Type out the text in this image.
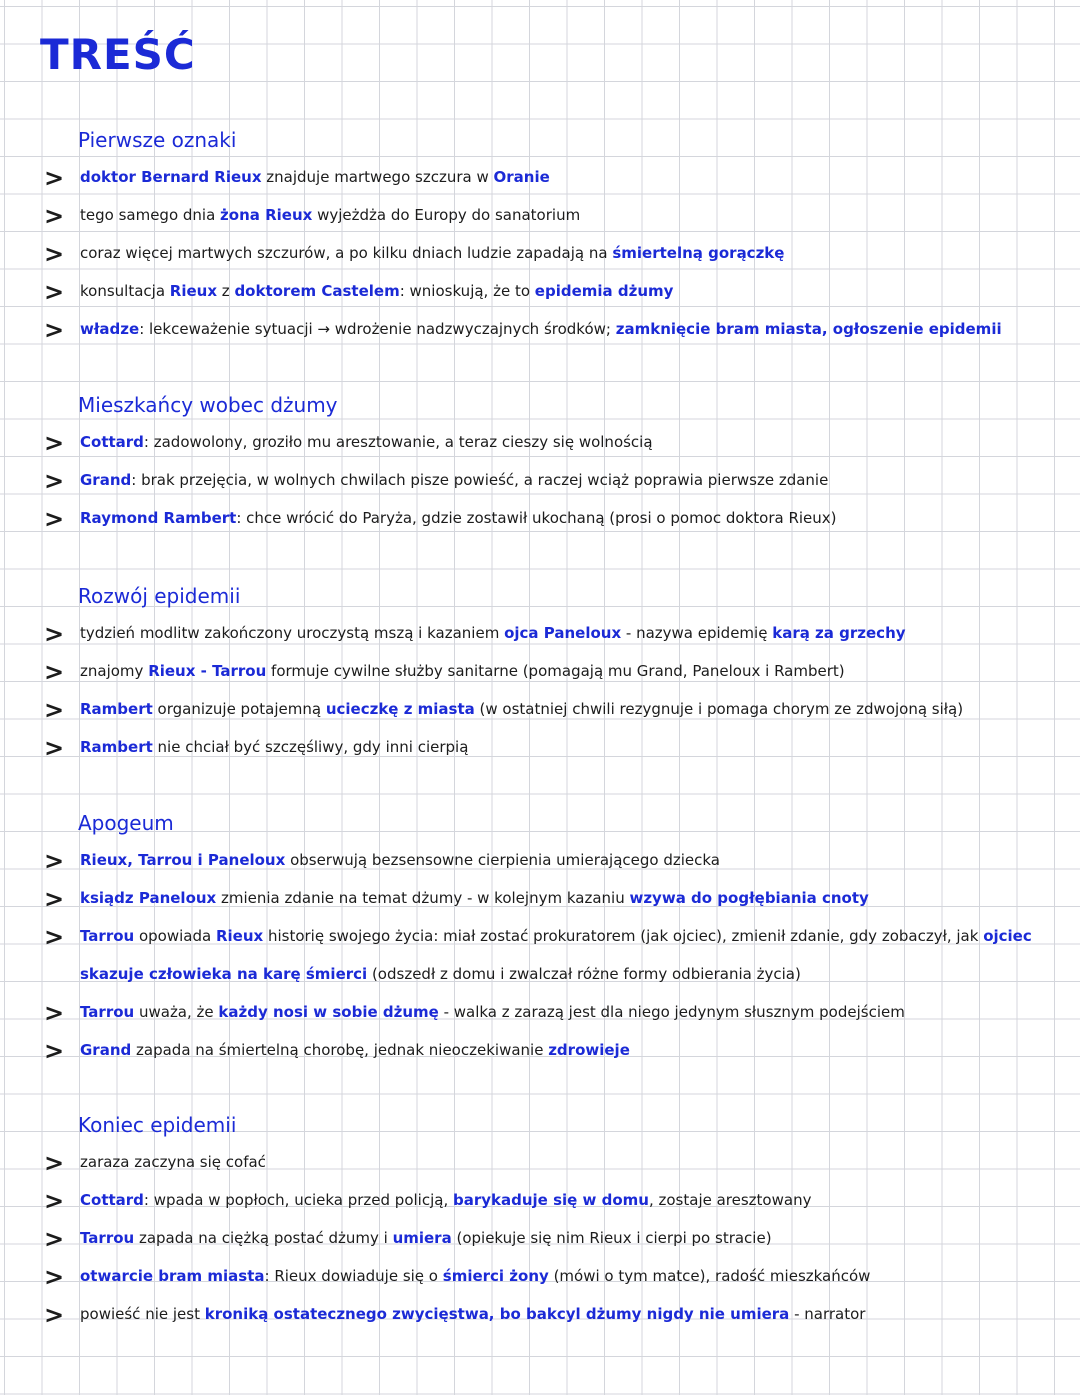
TREŚĆ
Pierwsze oznaki
> doktor Bernard Rieux znajduje martwego szczura w Oranie
> tego samego dnia żona Rieux wyjeżdża do Europy do sanatorium
> coraz więcej martwych szczurów, a po kilku dniach ludzie zapadają na śmiertelną gorączkę
> konsultacja Rieux z doktorem Castelem: wnioskują, że to epidemia dżumy
> władze: lekceważenie sytuacji → wdrożenie nadzwyczajnych środków; zamknięcie bram miasta, ogłoszenie epidemii
Mieszkańcy wobec dżumy
> Cottard: zadowolony, groziło mu aresztowanie, a teraz cieszy się wolnością
> Grand: brak przejęcia, w wolnych chwilach pisze powieść, a raczej wciąż poprawia pierwsze zdanie
> Raymond Rambert: chce wrócić do Paryża, gdzie zostawił ukochaną (prosi o pomoc doktora Rieux)
Rozwój epidemii
> tydzień modlitw zakończony uroczystą mszą i kazaniem ojca Paneloux - nazywa epidemię karą za grzechy
> znajomy Rieux - Tarrou formuje cywilne służby sanitarne (pomagają mu Grand, Paneloux i Rambert)
> Rambert organizuje potajemną ucieczkę z miasta (w ostatniej chwili rezygnuje i pomaga chorym ze zdwojoną siłą)
> Rambert nie chciał być szczęśliwy, gdy inni cierpią
Apogeum
> Rieux, Tarrou i Paneloux obserwują bezsensowne cierpienia umierającego dziecka
> ksiądz Paneloux zmienia zdanie na temat dżumy - w kolejnym kazaniu wzywa do pogłębiania cnoty
> Tarrou opowiada Rieux historię swojego życia: miał zostać prokuratorem (jak ojciec), zmienił zdanie, gdy zobaczył, jak ojciec skazuje człowieka na karę śmierci (odszedł z domu i zwalczał różne formy odbierania życia)
> Tarrou uważa, że każdy nosi w sobie dżumę - walka z zarazą jest dla niego jedynym słusznym podejściem
> Grand zapada na śmiertelną chorobę, jednak nieoczekiwanie zdrowieje
Koniec epidemii
> zaraza zaczyna się cofać
> Cottard: wpada w popłoch, ucieka przed policją, barykaduje się w domu, zostaje aresztowany
> Tarrou zapada na ciężką postać dżumy i umiera (opiekuje się nim Rieux i cierpi po stracie)
> otwarcie bram miasta: Rieux dowiaduje się o śmierci żony (mówi o tym matce), radość mieszkańców
> powieść nie jest kroniką ostatecznego zwycięstwa, bo bakcyl dżumy nigdy nie umiera - narrator
